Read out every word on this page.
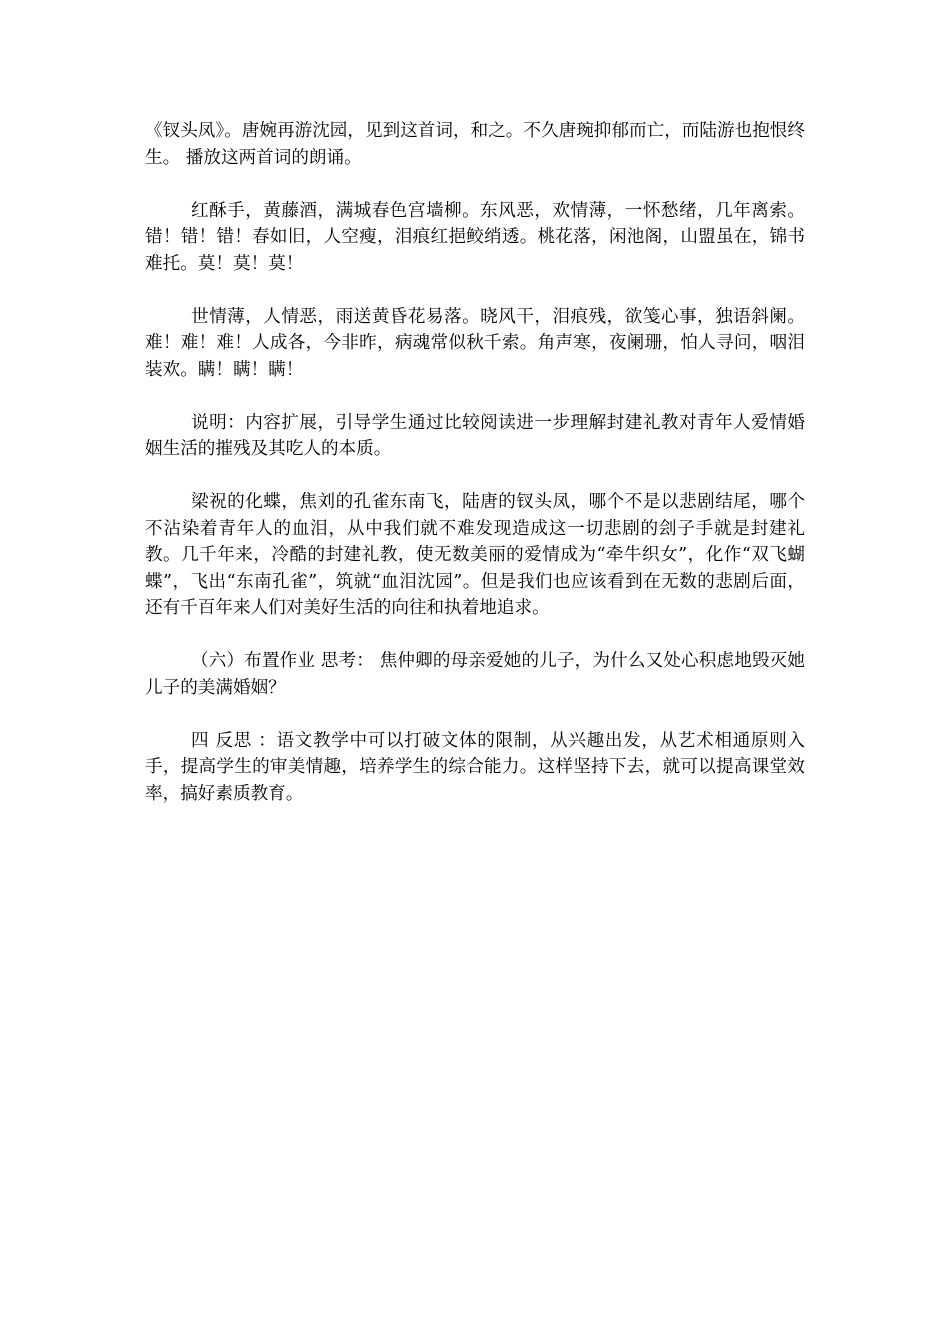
《钗头凤》。唐婉再游沈园，见到这首词，和之。不久唐琬抑郁而亡，而陆游也抱恨终生。 播放这两首词的朗诵。

红酥手，黄藤酒，满城春色宫墙柳。东风恶，欢情薄，一怀愁绪，几年离索。错！错！错！春如旧，人空瘦，泪痕红挹鲛绡透。桃花落，闲池阁，山盟虽在，锦书难托。莫！莫！莫！

世情薄，人情恶，雨送黄昏花易落。晓风干，泪痕残，欲笺心事，独语斜阑。难！难！难！人成各，今非昨，病魂常似秋千索。角声寒，夜阑珊，怕人寻问，咽泪装欢。瞒！瞒！瞒！

说明：内容扩展，引导学生通过比较阅读进一步理解封建礼教对青年人爱情婚姻生活的摧残及其吃人的本质。

梁祝的化蝶，焦刘的孔雀东南飞，陆唐的钗头凤，哪个不是以悲剧结尾，哪个不沾染着青年人的血泪，从中我们就不难发现造成这一切悲剧的刽子手就是封建礼教。几千年来，冷酷的封建礼教，使无数美丽的爱情成为“牵牛织女”，化作“双飞蝴蝶”，飞出“东南孔雀”，筑就“血泪沈园”。但是我们也应该看到在无数的悲剧后面，还有千百年来人们对美好生活的向往和执着地追求。

（六）布置作业 思考： 焦仲卿的母亲爱她的儿子，为什么又处心积虑地毁灭她儿子的美满婚姻？

四 反思 ：语文教学中可以打破文体的限制，从兴趣出发，从艺术相通原则入手，提高学生的审美情趣，培养学生的综合能力。这样坚持下去，就可以提高课堂效率，搞好素质教育。
